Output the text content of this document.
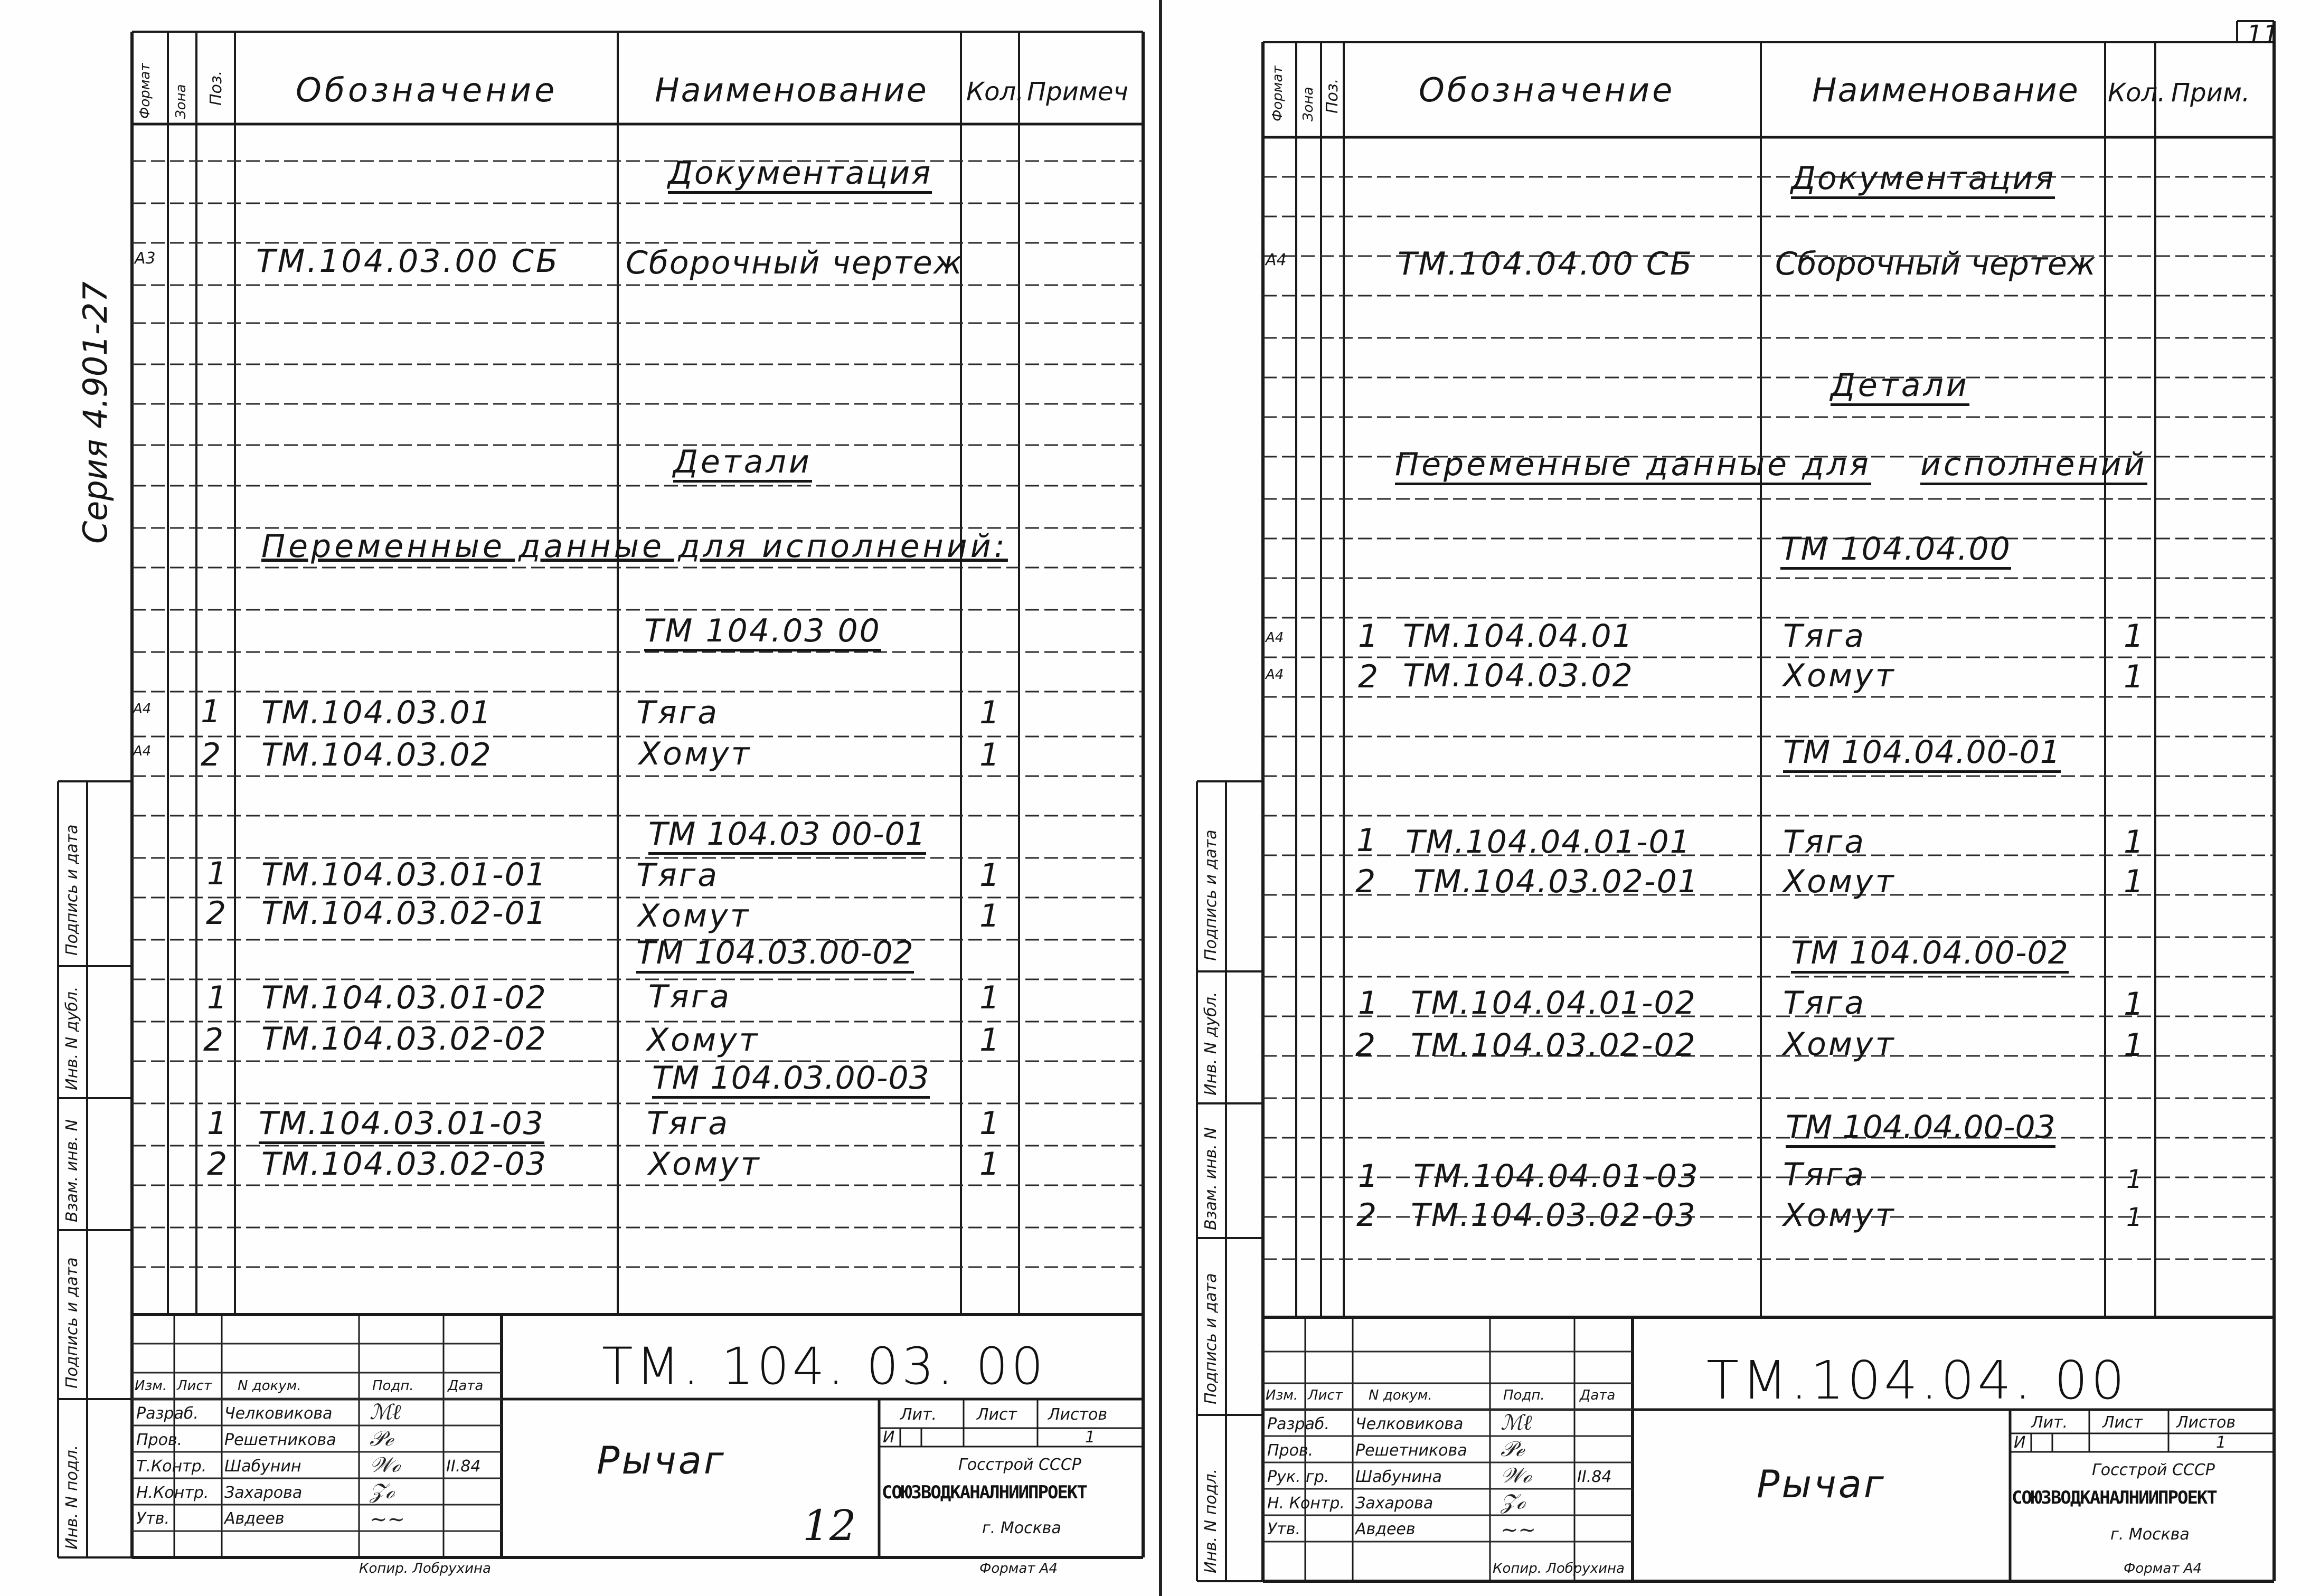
Серия 4.901-27
Подпись и дата
Инв. N дубл.
Взам. инв. N
Подпись и дата
Инв. N подл.
Формат Зона Поз. Обозначение	Наименование Кол. Примеч
Документация
А3	ТМ.104.03.00 СБ Сборочный чертеж
Детали
Переменные данные для исполнений:
ТМ 104.03 00
А4 1 ТМ.104.03.01	Тяга	1
А4 2 ТМ.104.03.02	Хомут	1
ТМ 104.03 00-01
1 ТМ.104.03.01-01	Тяга	1
2 ТМ.104.03.02-01	Хомут	1
ТМ 104.03.00-02
1 ТМ.104.03.01-02	Тяга	1
2 ТМ.104.03.02-02	Хомут	1
ТМ 104.03.00-03
1 ТМ.104.03.01-03	Тяга	1
2 ТМ.104.03.02-03	Хомут	1
Изм. Лист N докум.	Подп. Дата
Разраб. Челковикова
Пров.	Решетникова
Т.Контр. Шабунин	II.84
Н.Контр. Захарова
Утв.	Авдеев
ℳℓ
𝒫ℯ
𝒲ℴ
𝒵ℴ
~~
ТМ. 104. 03. 00
Рычаг
12
Лит.	Лист Листов
И	1
Госстрой СССР
СОЮЗВОДКАНАЛНИИПРОЕКТ
г. Москва
Копир. Лобрухина	Формат А4
11
Подпись и дата
Инв. N дубл.
Взам. инв. N
Подпись и дата
Инв. N подл.
Формат Зона Поз. Обозначение	Наименование Кол. Прим.
Документация
А4	ТМ.104.04.00 СБ	Сборочный чертеж
Детали
Переменные данные для исполнений
ТМ 104.04.00
А4 1 ТМ.104.04.01	Тяга	1
А4 2 ТМ.104.03.02	Хомут	1
ТМ 104.04.00-01
1 ТМ.104.04.01-01	Тяга	1
2 ТМ.104.03.02-01	Хомут	1
ТМ 104.04.00-02
1 ТМ.104.04.01-02	Тяга	1
2 ТМ.104.03.02-02	Хомут	1
ТМ 104.04.00-03
1 ТМ.104.04.01-03	Тяга	1
2 ТМ.104.03.02-03	Хомут	1
Изм. Лист N докум.	Подп.	Дата
Разраб. Челковикова
Пров.	Решетникова
Рук. гр. Шабунина	II.84
Н. Контр. Захарова
Утв.	Авдеев
ℳℓ
𝒫ℯ
𝒲ℴ
𝒵ℴ
~~
ТМ.104.04. 00
Рычаг
Лит. Лист Листов
И	1
Госстрой СССР
СОЮЗВОДКАНАЛНИИПРОЕКТ
г. Москва
Копир. Лобрухина	Формат А4
